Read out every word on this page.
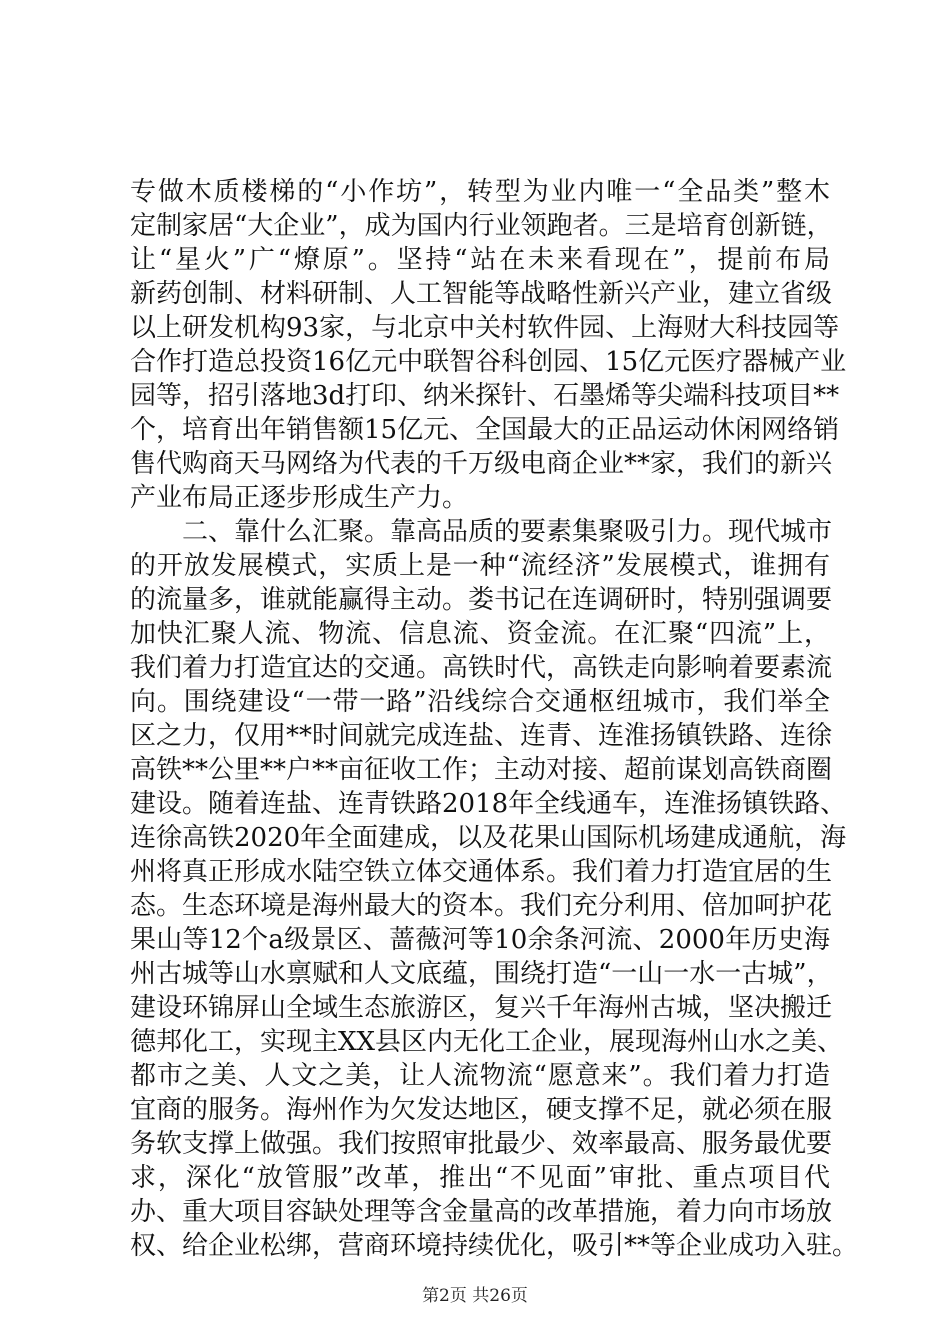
专做木质楼梯的“小作坊”，转型为业内唯一“全品类”整木
定制家居“大企业”，成为国内行业领跑者。三是培育创新链，
让“星火”广“燎原”。坚持“站在未来看现在”，提前布局
新药创制、材料研制、人工智能等战略性新兴产业，建立省级
以上研发机构93家，与北京中关村软件园、上海财大科技园等
合作打造总投资16亿元中联智谷科创园、15亿元医疗器械产业
园等，招引落地3d打印、纳米探针、石墨烯等尖端科技项目**
个，培育出年销售额15亿元、全国最大的正品运动休闲网络销
售代购商天马网络为代表的千万级电商企业**家，我们的新兴
产业布局正逐步形成生产力。
二、靠什么汇聚。靠高品质的要素集聚吸引力。现代城市
的开放发展模式，实质上是一种“流经济”发展模式，谁拥有
的流量多，谁就能赢得主动。娄书记在连调研时，特别强调要
加快汇聚人流、物流、信息流、资金流。在汇聚“四流”上，
我们着力打造宜达的交通。高铁时代，高铁走向影响着要素流
向。围绕建设“一带一路”沿线综合交通枢纽城市，我们举全
区之力，仅用**时间就完成连盐、连青、连淮扬镇铁路、连徐
高铁**公里**户**亩征收工作；主动对接、超前谋划高铁商圈
建设。随着连盐、连青铁路2018年全线通车，连淮扬镇铁路、
连徐高铁2020年全面建成，以及花果山国际机场建成通航，海
州将真正形成水陆空铁立体交通体系。我们着力打造宜居的生
态。生态环境是海州最大的资本。我们充分利用、倍加呵护花
果山等12个a级景区、蔷薇河等10余条河流、2000年历史海
州古城等山水禀赋和人文底蕴，围绕打造“一山一水一古城”，
建设环锦屏山全域生态旅游区，复兴千年海州古城，坚决搬迁
德邦化工，实现主XX县区内无化工企业，展现海州山水之美、
都市之美、人文之美，让人流物流“愿意来”。我们着力打造
宜商的服务。海州作为欠发达地区，硬支撑不足，就必须在服
务软支撑上做强。我们按照审批最少、效率最高、服务最优要
求，深化“放管服”改革，推出“不见面”审批、重点项目代
办、重大项目容缺处理等含金量高的改革措施，着力向市场放
权、给企业松绑，营商环境持续优化，吸引**等企业成功入驻。
第2页 共26页
